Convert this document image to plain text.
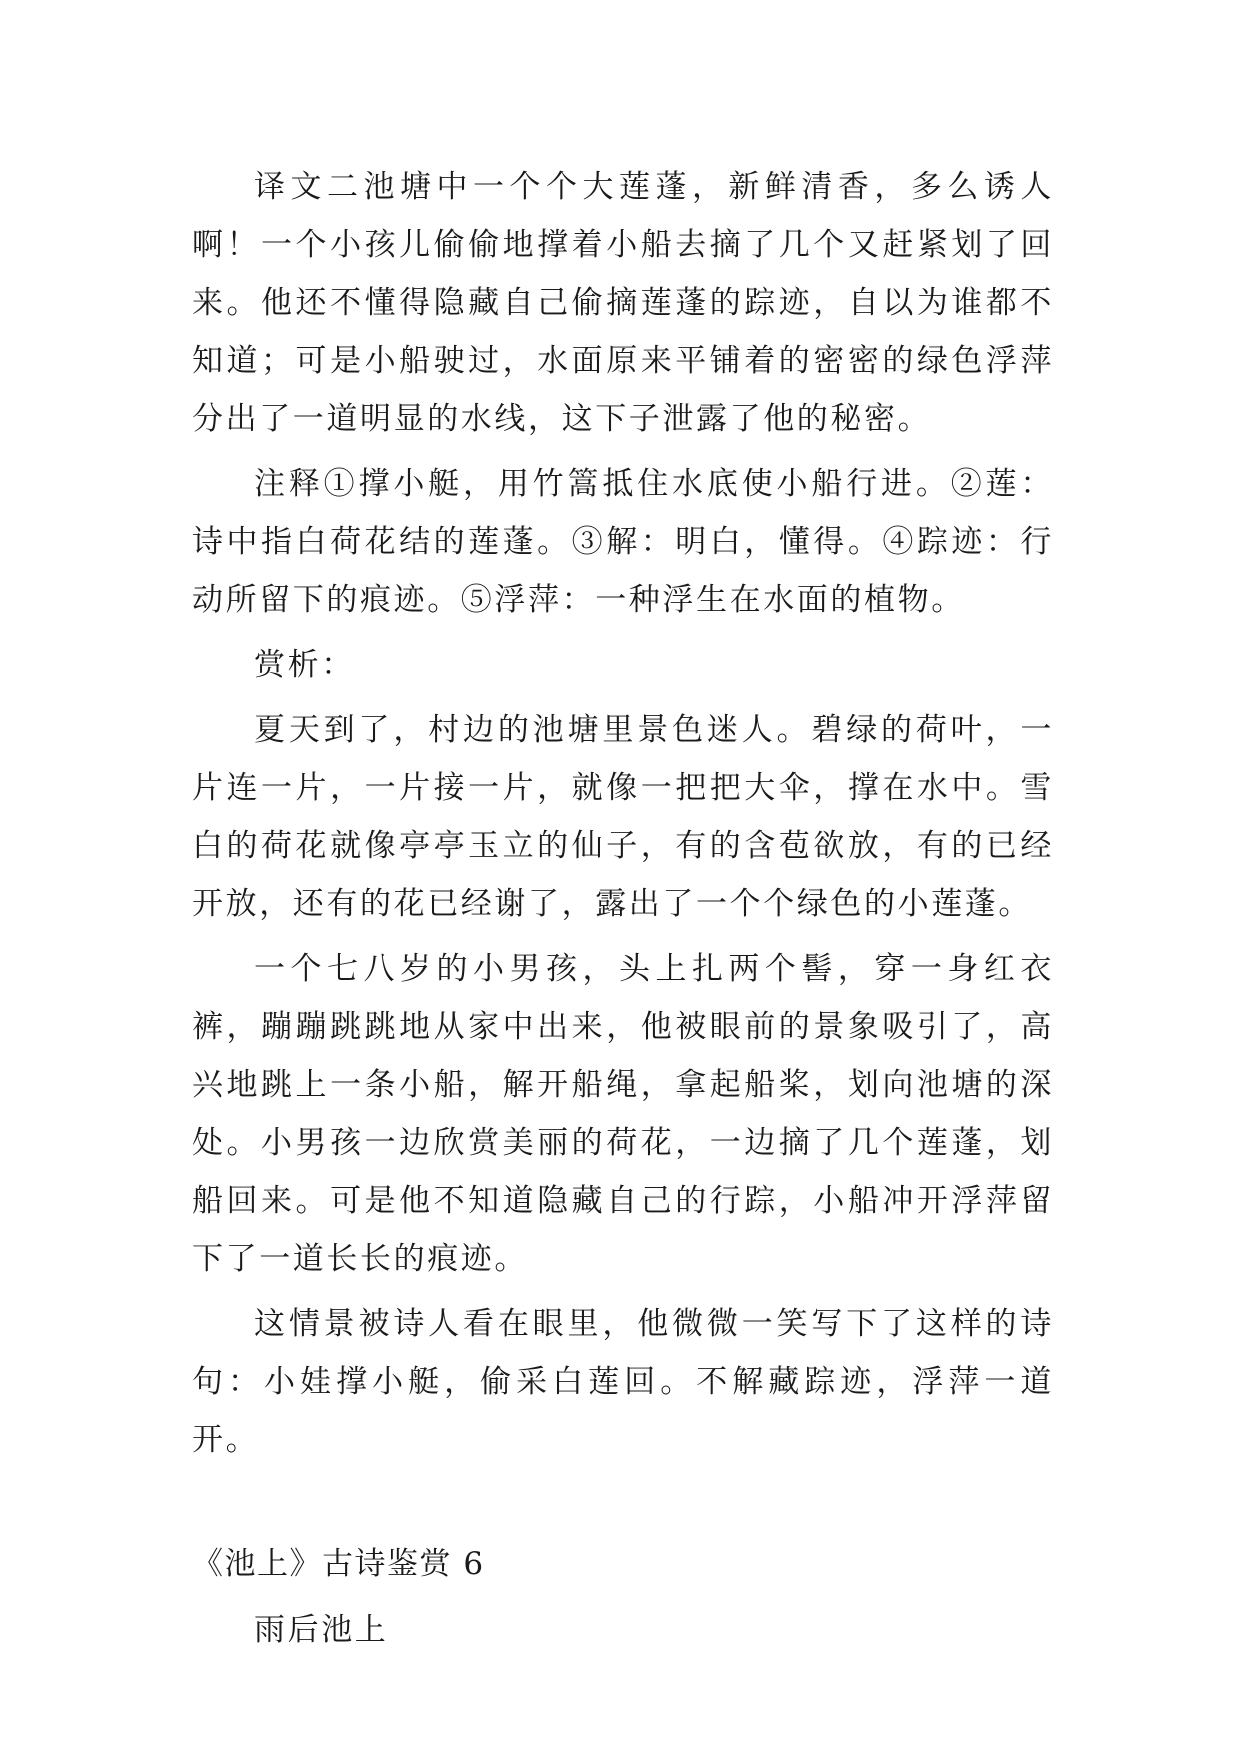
译文二池塘中一个个大莲蓬，新鲜清香，多么诱人啊！一个小孩儿偷偷地撑着小船去摘了几个又赶紧划了回来。他还不懂得隐藏自己偷摘莲蓬的踪迹，自以为谁都不知道；可是小船驶过，水面原来平铺着的密密的绿色浮萍分出了一道明显的水线，这下子泄露了他的秘密。

注释①撑小艇，用竹篙抵住水底使小船行进。②莲：诗中指白荷花结的莲蓬。③解：明白，懂得。④踪迹：行动所留下的痕迹。⑤浮萍：一种浮生在水面的植物。

赏析：

夏天到了，村边的池塘里景色迷人。碧绿的荷叶，一片连一片，一片接一片，就像一把把大伞，撑在水中。雪白的荷花就像亭亭玉立的仙子，有的含苞欲放，有的已经开放，还有的花已经谢了，露出了一个个绿色的小莲蓬。

一个七八岁的小男孩，头上扎两个髻，穿一身红衣裤，蹦蹦跳跳地从家中出来，他被眼前的景象吸引了，高兴地跳上一条小船，解开船绳，拿起船桨，划向池塘的深处。小男孩一边欣赏美丽的荷花，一边摘了几个莲蓬，划船回来。可是他不知道隐藏自己的行踪，小船冲开浮萍留下了一道长长的痕迹。

这情景被诗人看在眼里，他微微一笑写下了这样的诗句：小娃撑小艇，偷采白莲回。不解藏踪迹，浮萍一道开。

《池上》古诗鉴赏 6
雨后池上
